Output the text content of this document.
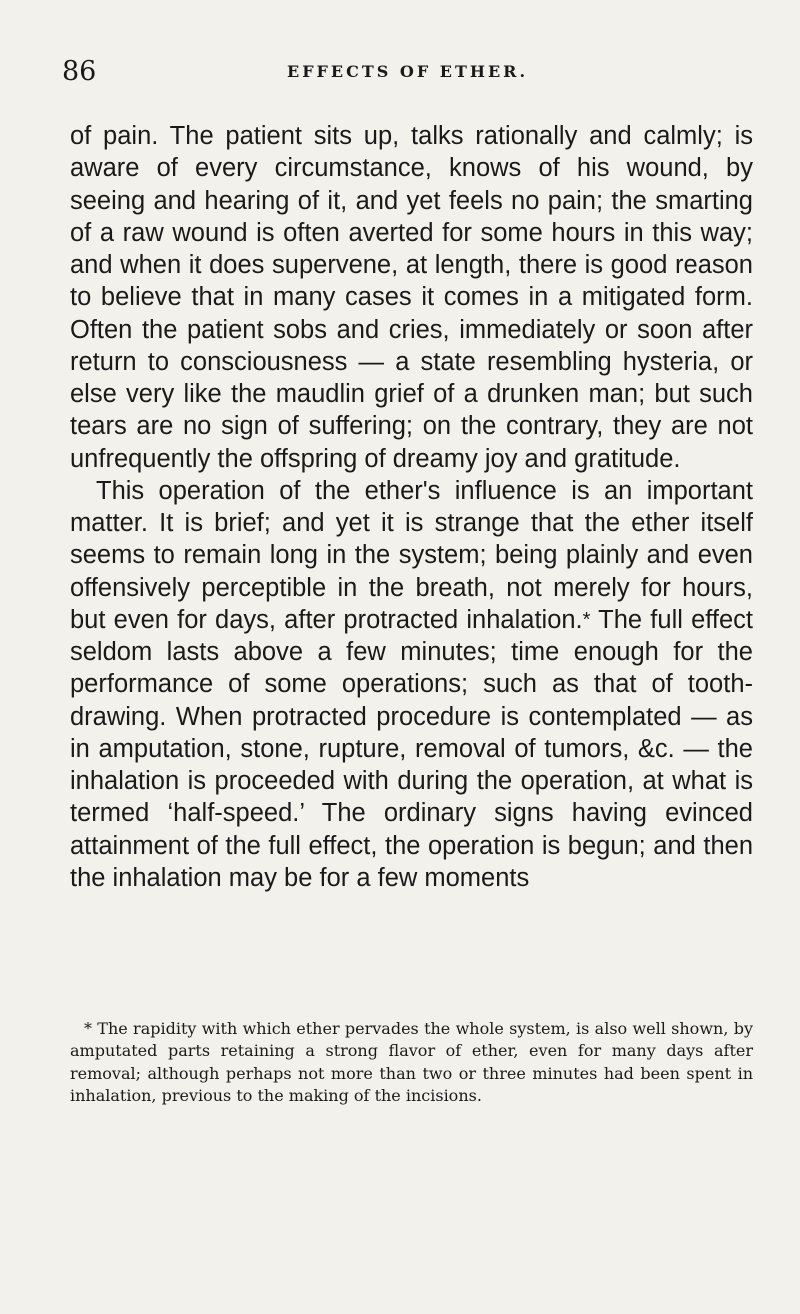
86	EFFECTS OF ETHER.

of pain. The patient sits up, talks rationally and calmly; is aware of every circumstance, knows of his wound, by seeing and hearing of it, and yet feels no pain; the smarting of a raw wound is often averted for some hours in this way; and when it does supervene, at length, there is good reason to believe that in many cases it comes in a mitigated form. Often the patient sobs and cries, immediately or soon after return to consciousness — a state resembling hysteria, or else very like the maudlin grief of a drunken man; but such tears are no sign of suffering; on the contrary, they are not unfrequently the offspring of dreamy joy and gratitude.

This operation of the ether's influence is an important matter. It is brief; and yet it is strange that the ether itself seems to remain long in the system; being plainly and even offensively perceptible in the breath, not merely for hours, but even for days, after protracted inhalation.* The full effect seldom lasts above a few minutes; time enough for the performance of some operations; such as that of tooth-drawing. When protracted procedure is contemplated — as in amputation, stone, rupture, removal of tumors, &c. — the inhalation is proceeded with during the operation, at what is termed ‘half-speed.’ The ordinary signs having evinced attainment of the full effect, the operation is begun; and then the inhalation may be for a few moments

* The rapidity with which ether pervades the whole system, is also well shown, by amputated parts retaining a strong flavor of ether, even for many days after removal; although perhaps not more than two or three minutes had been spent in inhalation, previous to the making of the incisions.
